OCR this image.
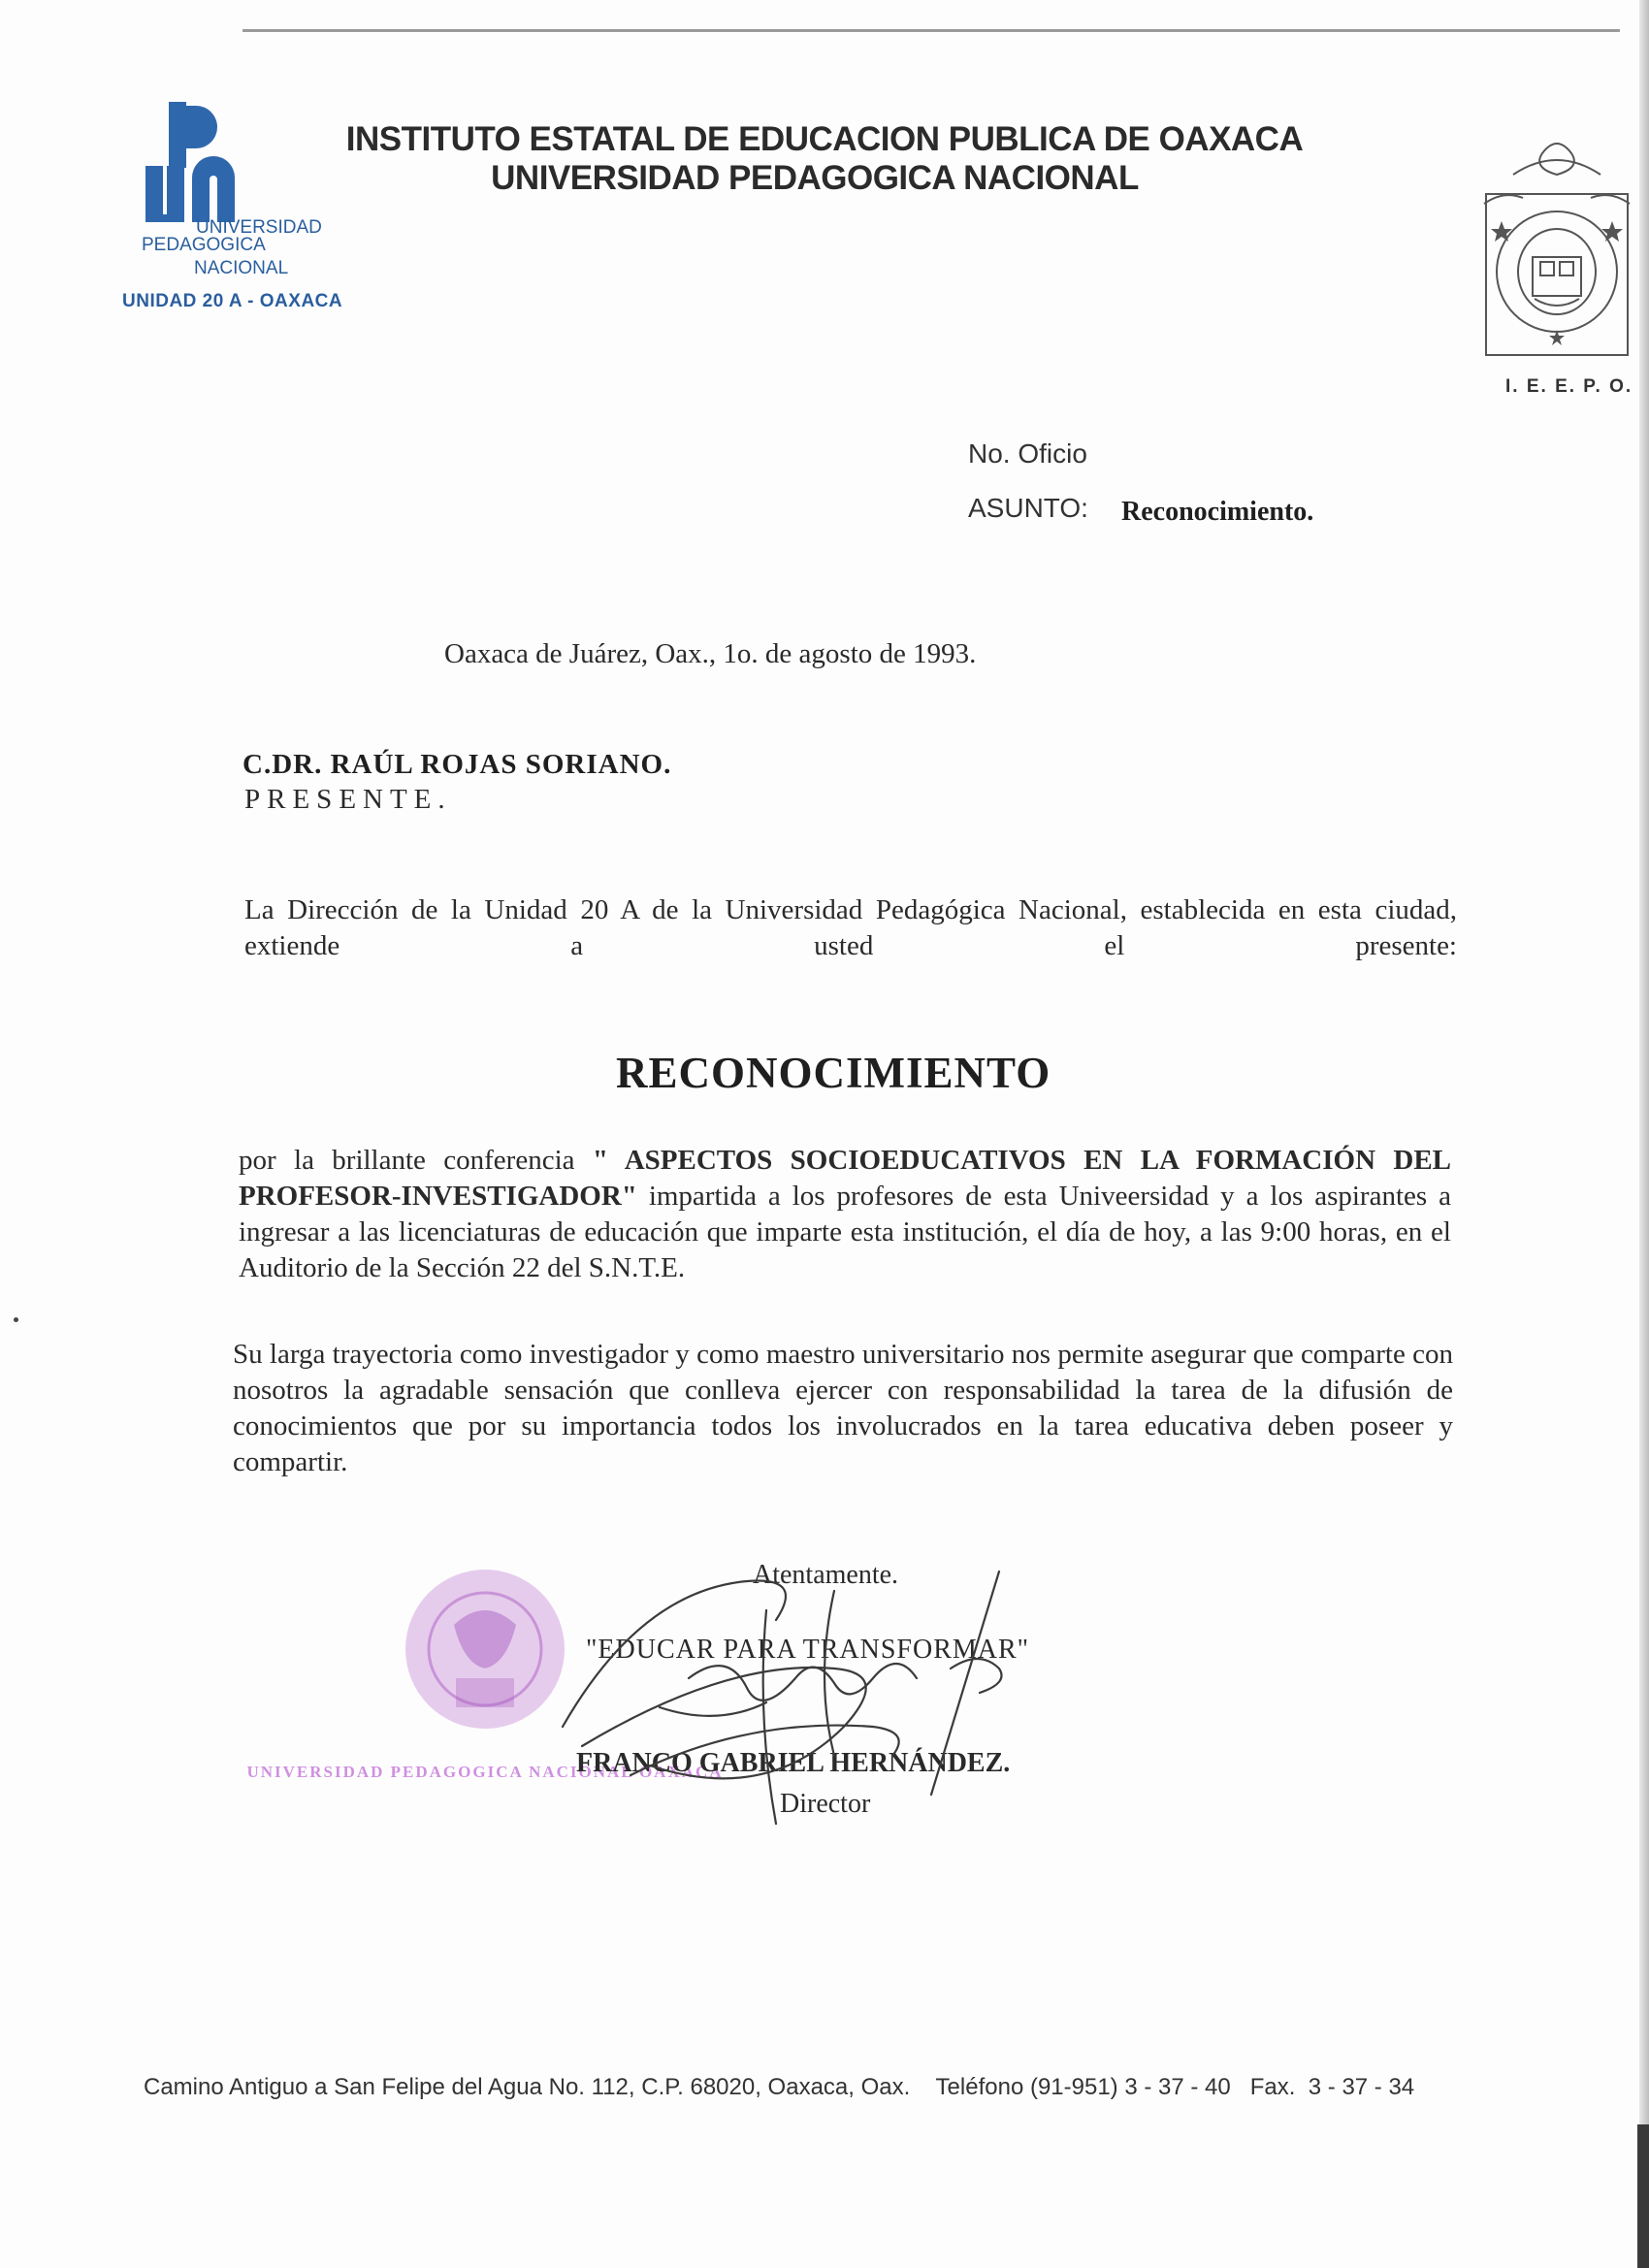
UNIVERSIDAD
PEDAGOGICA
NACIONAL
UNIDAD 20 A - OAXACA
INSTITUTO ESTATAL DE EDUCACION PUBLICA DE OAXACA
UNIVERSIDAD PEDAGOGICA NACIONAL
I. E. E. P. O.
No. Oficio
ASUNTO: Reconocimiento.
Oaxaca de Juárez, Oax., 1o. de agosto de 1993.
C.DR. RAÚL ROJAS SORIANO.
PRESENTE.
La Dirección de la Unidad 20 A de la Universidad Pedagógica Nacional, establecida en esta ciudad, extiende a usted el presente:
RECONOCIMIENTO
por la brillante conferencia " ASPECTOS SOCIOEDUCATIVOS EN LA FORMACIÓN DEL PROFESOR-INVESTIGADOR" impartida a los profesores de esta Univeersidad y a los aspirantes a ingresar a las licenciaturas de educación que imparte esta institución, el día de hoy, a las 9:00 horas, en el Auditorio de la Sección 22 del S.N.T.E.
Su larga trayectoria como investigador y como maestro universitario nos permite asegurar que comparte con nosotros la agradable sensación que conlleva ejercer con responsabilidad la tarea de la difusión de conocimientos que por su importancia todos los involucrados en la tarea educativa deben poseer y compartir.
UNIVERSIDAD PEDAGOGICA NACIONAL OAXACA
Atentamente.
"EDUCAR PARA TRANSFORMAR"
FRANCO GABRIEL HERNÁNDEZ.
Director
Camino Antiguo a San Felipe del Agua No. 112, C.P. 68020, Oaxaca, Oax. Teléfono (91-951) 3 - 37 - 40 Fax.  3 - 37 - 34
